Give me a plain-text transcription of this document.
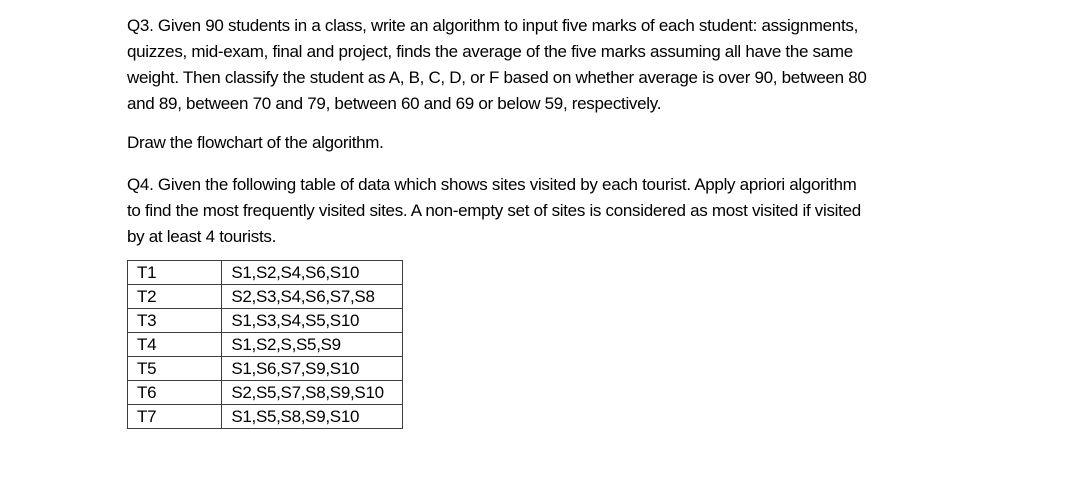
Q3. Given 90 students in a class, write an algorithm to input five marks of each student: assignments,
quizzes, mid-exam, final and project, finds the average of the five marks assuming all have the same
weight. Then classify the student as A, B, C, D, or F based on whether average is over 90, between 80
and 89, between 70 and 79, between 60 and 69 or below 59, respectively.
Draw the flowchart of the algorithm.
Q4. Given the following table of data which shows sites visited by each tourist. Apply apriori algorithm
to find the most frequently visited sites. A non-empty set of sites is considered as most visited if visited
by at least 4 tourists.
T1	S1,S2,S4,S6,S10
T2	S2,S3,S4,S6,S7,S8
T3	S1,S3,S4,S5,S10
T4	S1,S2,S,S5,S9
T5	S1,S6,S7,S9,S10
T6	S2,S5,S7,S8,S9,S10
T7	S1,S5,S8,S9,S10
